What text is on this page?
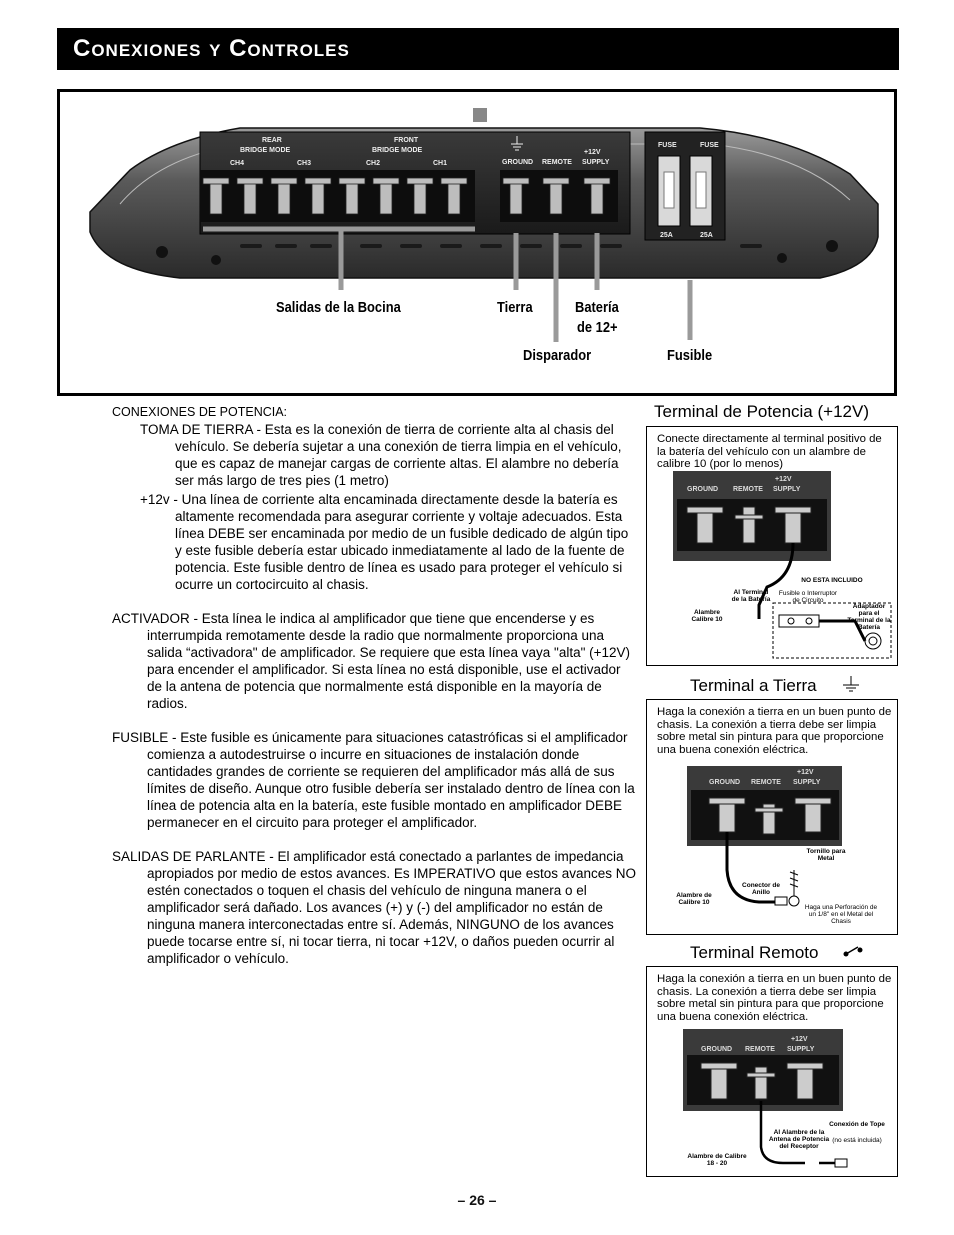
Conexiones y Controles
REAR
BRIDGE MODE
FRONT
BRIDGE MODE
CH4	CH3	CH2	CH1	GROUND REMOTE
+12V
SUPPLY
FUSE	FUSE
25A	25A
Salidas de la Bocina	Tierra	Batería
de 12+
Disparador	Fusible

CONEXIONES DE POTENCIA:

TOMA DE TIERRA - Esta es la conexión de tierra de corriente alta al chasis del vehículo. Se debería sujetar a una conexión de tierra limpia en el vehículo, que es capaz de manejar cargas de corriente altas. El alambre no debería ser más largo de tres pies (1 metro)

+12v - Una línea de corriente alta encaminada directamente desde la batería es altamente recomendada para asegurar corriente y voltaje adecuados. Esta línea DEBE ser encaminada por medio de un fusible dedicado de algún tipo y este fusible debería estar ubicado inmediatamente al lado de la fuente de potencia. Este fusible dentro de línea es usado para proteger el vehículo si ocurre un cortocircuito al chasis.

ACTIVADOR - Esta línea le indica al amplificador que tiene que encenderse y es interrumpida remotamente desde la radio que normalmente proporciona una salida “activadora" de amplificador. Se requiere que esta línea vaya "alta" (+12V) para encender el amplificador. Si esta línea no está disponible, use el activador de la antena de potencia que normalmente está disponible en la mayoría de radios.

FUSIBLE - Este fusible es únicamente para situaciones catastróficas si el amplificador comienza a autodestruirse o incurre en situaciones de instalación donde cantidades grandes de corriente se requieren del amplificador más allá de sus límites de diseño. Aunque otro fusible debería ser instalado dentro de línea con la línea de potencia alta en la batería, este fusible montado en amplificador DEBE permanecer en el circuito para proteger el amplificador.

SALIDAS DE PARLANTE - El amplificador está conectado a parlantes de impedancia apropiados por medio de estos avances. Es IMPERATIVO que estos avances NO estén conectados o toquen el chasis del vehículo de ninguna manera o el amplificador será dañado. Los avances (+) y (-) del amplificador no están de ninguna manera interconectadas entre sí. Además, NINGUNO de los avances puede tocarse entre sí, ni tocar tierra, ni tocar +12V, o daños pueden ocurrir al amplificador o vehículo.

Terminal de Potencia (+12V)
Conecte directamente al terminal positivo de la batería del vehículo con un alambre de calibre 10 (por lo menos)
GROUND REMOTE
+12V
SUPPLY
NO ESTA INCLUIDO
Al Terminal de la Batería
Fusible o Interruptor de Circuito
Alambre Calibre 10
Adaptador para el Terminal de la Batería
Terminal a Tierra
Haga la conexión a tierra en un buen punto de chasis. La conexión a tierra debe ser limpia sobre metal sin pintura para que proporcione una buena conexión eléctrica.
GROUND REMOTE
+12V
SUPPLY
Tornillo para Metal
Conector de Anillo
Alambre de Calibre 10
Haga una Perforación de un 1/8" en el Metal del Chasis
Terminal Remoto
Haga la conexión a tierra en un buen punto de chasis. La conexión a tierra debe ser limpia sobre metal sin pintura para que proporcione una buena conexión eléctrica.
GROUND REMOTE
+12V
SUPPLY
Conexión de Tope
(no está incluida)
Al Alambre de la Antena de Potencia del Receptor
Alambre de Calibre 18 - 20
– 26 –
